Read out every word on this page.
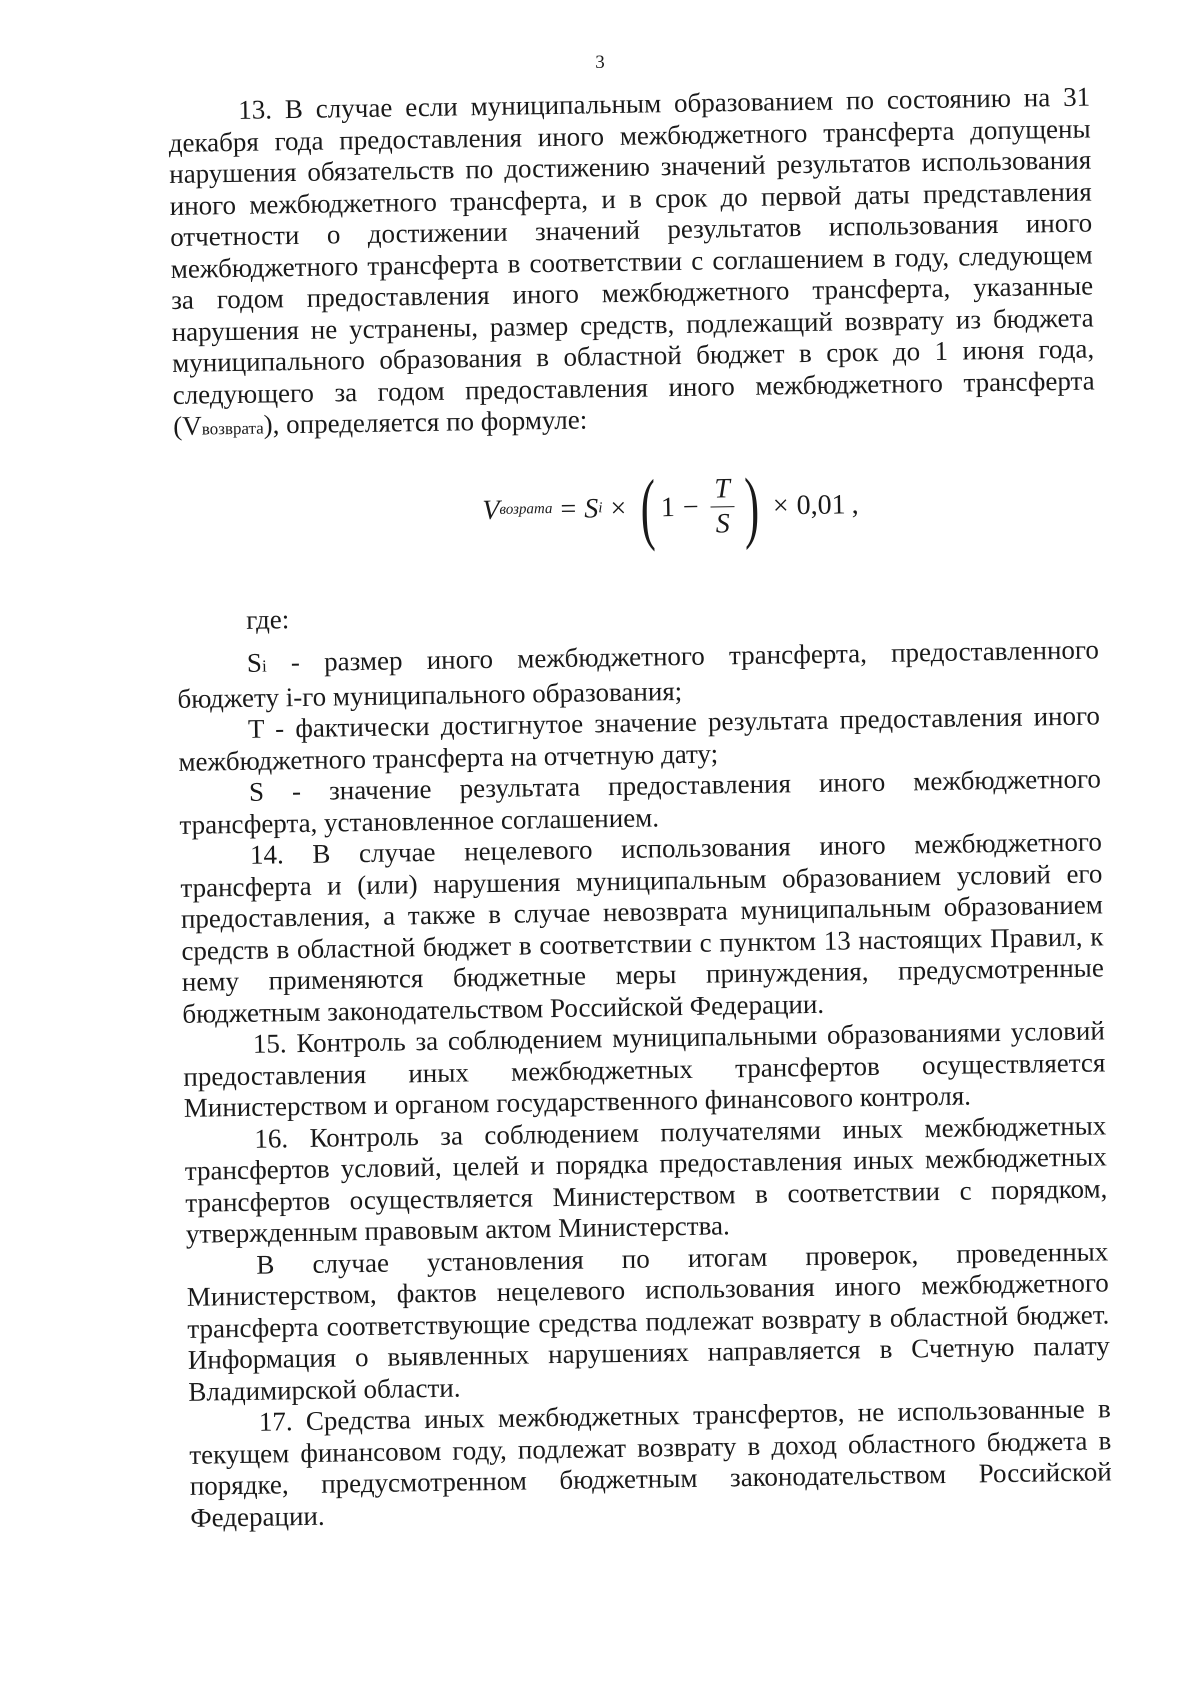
3

13. В случае если муниципальным образованием по состоянию на 31 декабря года предоставления иного межбюджетного трансферта допущены нарушения обязательств по достижению значений результатов использования иного межбюджетного трансферта, и в срок до первой даты представления отчетности о достижении значений результатов использования иного межбюджетного трансферта в соответствии с соглашением в году, следующем за годом предоставления иного межбюджетного трансферта, указанные нарушения не устранены, размер средств, подлежащий возврату из бюджета муниципального образования в областной бюджет в срок до 1 июня года, следующего за годом предоставления иного межбюджетного трансферта (Vвозврата), определяется по формуле:

V возрата = S i × ( $1 - \frac{T}{S}$ ) × 0,01 ,

где:

Si - размер иного межбюджетного трансферта, предоставленного бюджету i-го муниципального образования;

T - фактически достигнутое значение результата предоставления иного межбюджетного трансферта на отчетную дату;

S - значение результата предоставления иного межбюджетного трансферта, установленное соглашением.

14. В случае нецелевого использования иного межбюджетного трансферта и (или) нарушения муниципальным образованием условий его предоставления, а также в случае невозврата муниципальным образованием средств в областной бюджет в соответствии с пунктом 13 настоящих Правил, к нему применяются бюджетные меры принуждения, предусмотренные бюджетным законодательством Российской Федерации.

15. Контроль за соблюдением муниципальными образованиями условий предоставления иных межбюджетных трансфертов осуществляется Министерством и органом государственного финансового контроля.

16. Контроль за соблюдением получателями иных межбюджетных трансфертов условий, целей и порядка предоставления иных межбюджетных трансфертов осуществляется Министерством в соответствии с порядком, утвержденным правовым актом Министерства.

В случае установления по итогам проверок, проведенных Министерством, фактов нецелевого использования иного межбюджетного трансферта соответствующие средства подлежат возврату в областной бюджет. Информация о выявленных нарушениях направляется в Счетную палату Владимирской области.

17. Средства иных межбюджетных трансфертов, не использованные в текущем финансовом году, подлежат возврату в доход областного бюджета в порядке, предусмотренном бюджетным законодательством Российской Федерации.
